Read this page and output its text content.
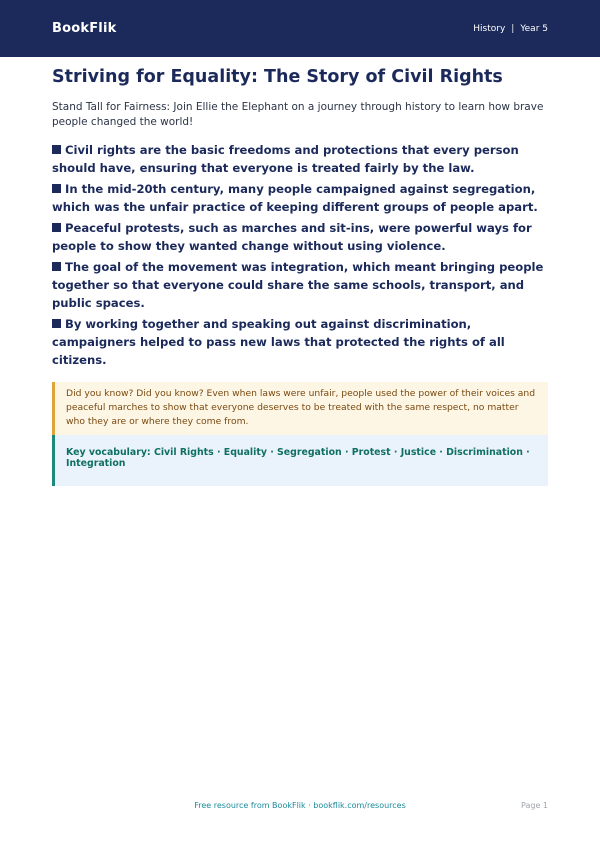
BookFlik	History | Year 5
Striving for Equality: The Story of Civil Rights

Stand Tall for Fairness: Join Ellie the Elephant on a journey through history to learn how brave people changed the world!

Civil rights are the basic freedoms and protections that every person should have, ensuring that everyone is treated fairly by the law.
In the mid-20th century, many people campaigned against segregation, which was the unfair practice of keeping different groups of people apart.
Peaceful protests, such as marches and sit-ins, were powerful ways for people to show they wanted change without using violence.
The goal of the movement was integration, which meant bringing people together so that everyone could share the same schools, transport, and public spaces.
By working together and speaking out against discrimination, campaigners helped to pass new laws that protected the rights of all citizens.
Did you know? Did you know? Even when laws were unfair, people used the power of their voices and peaceful marches to show that everyone deserves to be treated with the same respect, no matter who they are or where they come from.
Key vocabulary: Civil Rights · Equality · Segregation · Protest · Justice · Discrimination · Integration
Free resource from BookFlik · bookflik.com/resources	Page 1
